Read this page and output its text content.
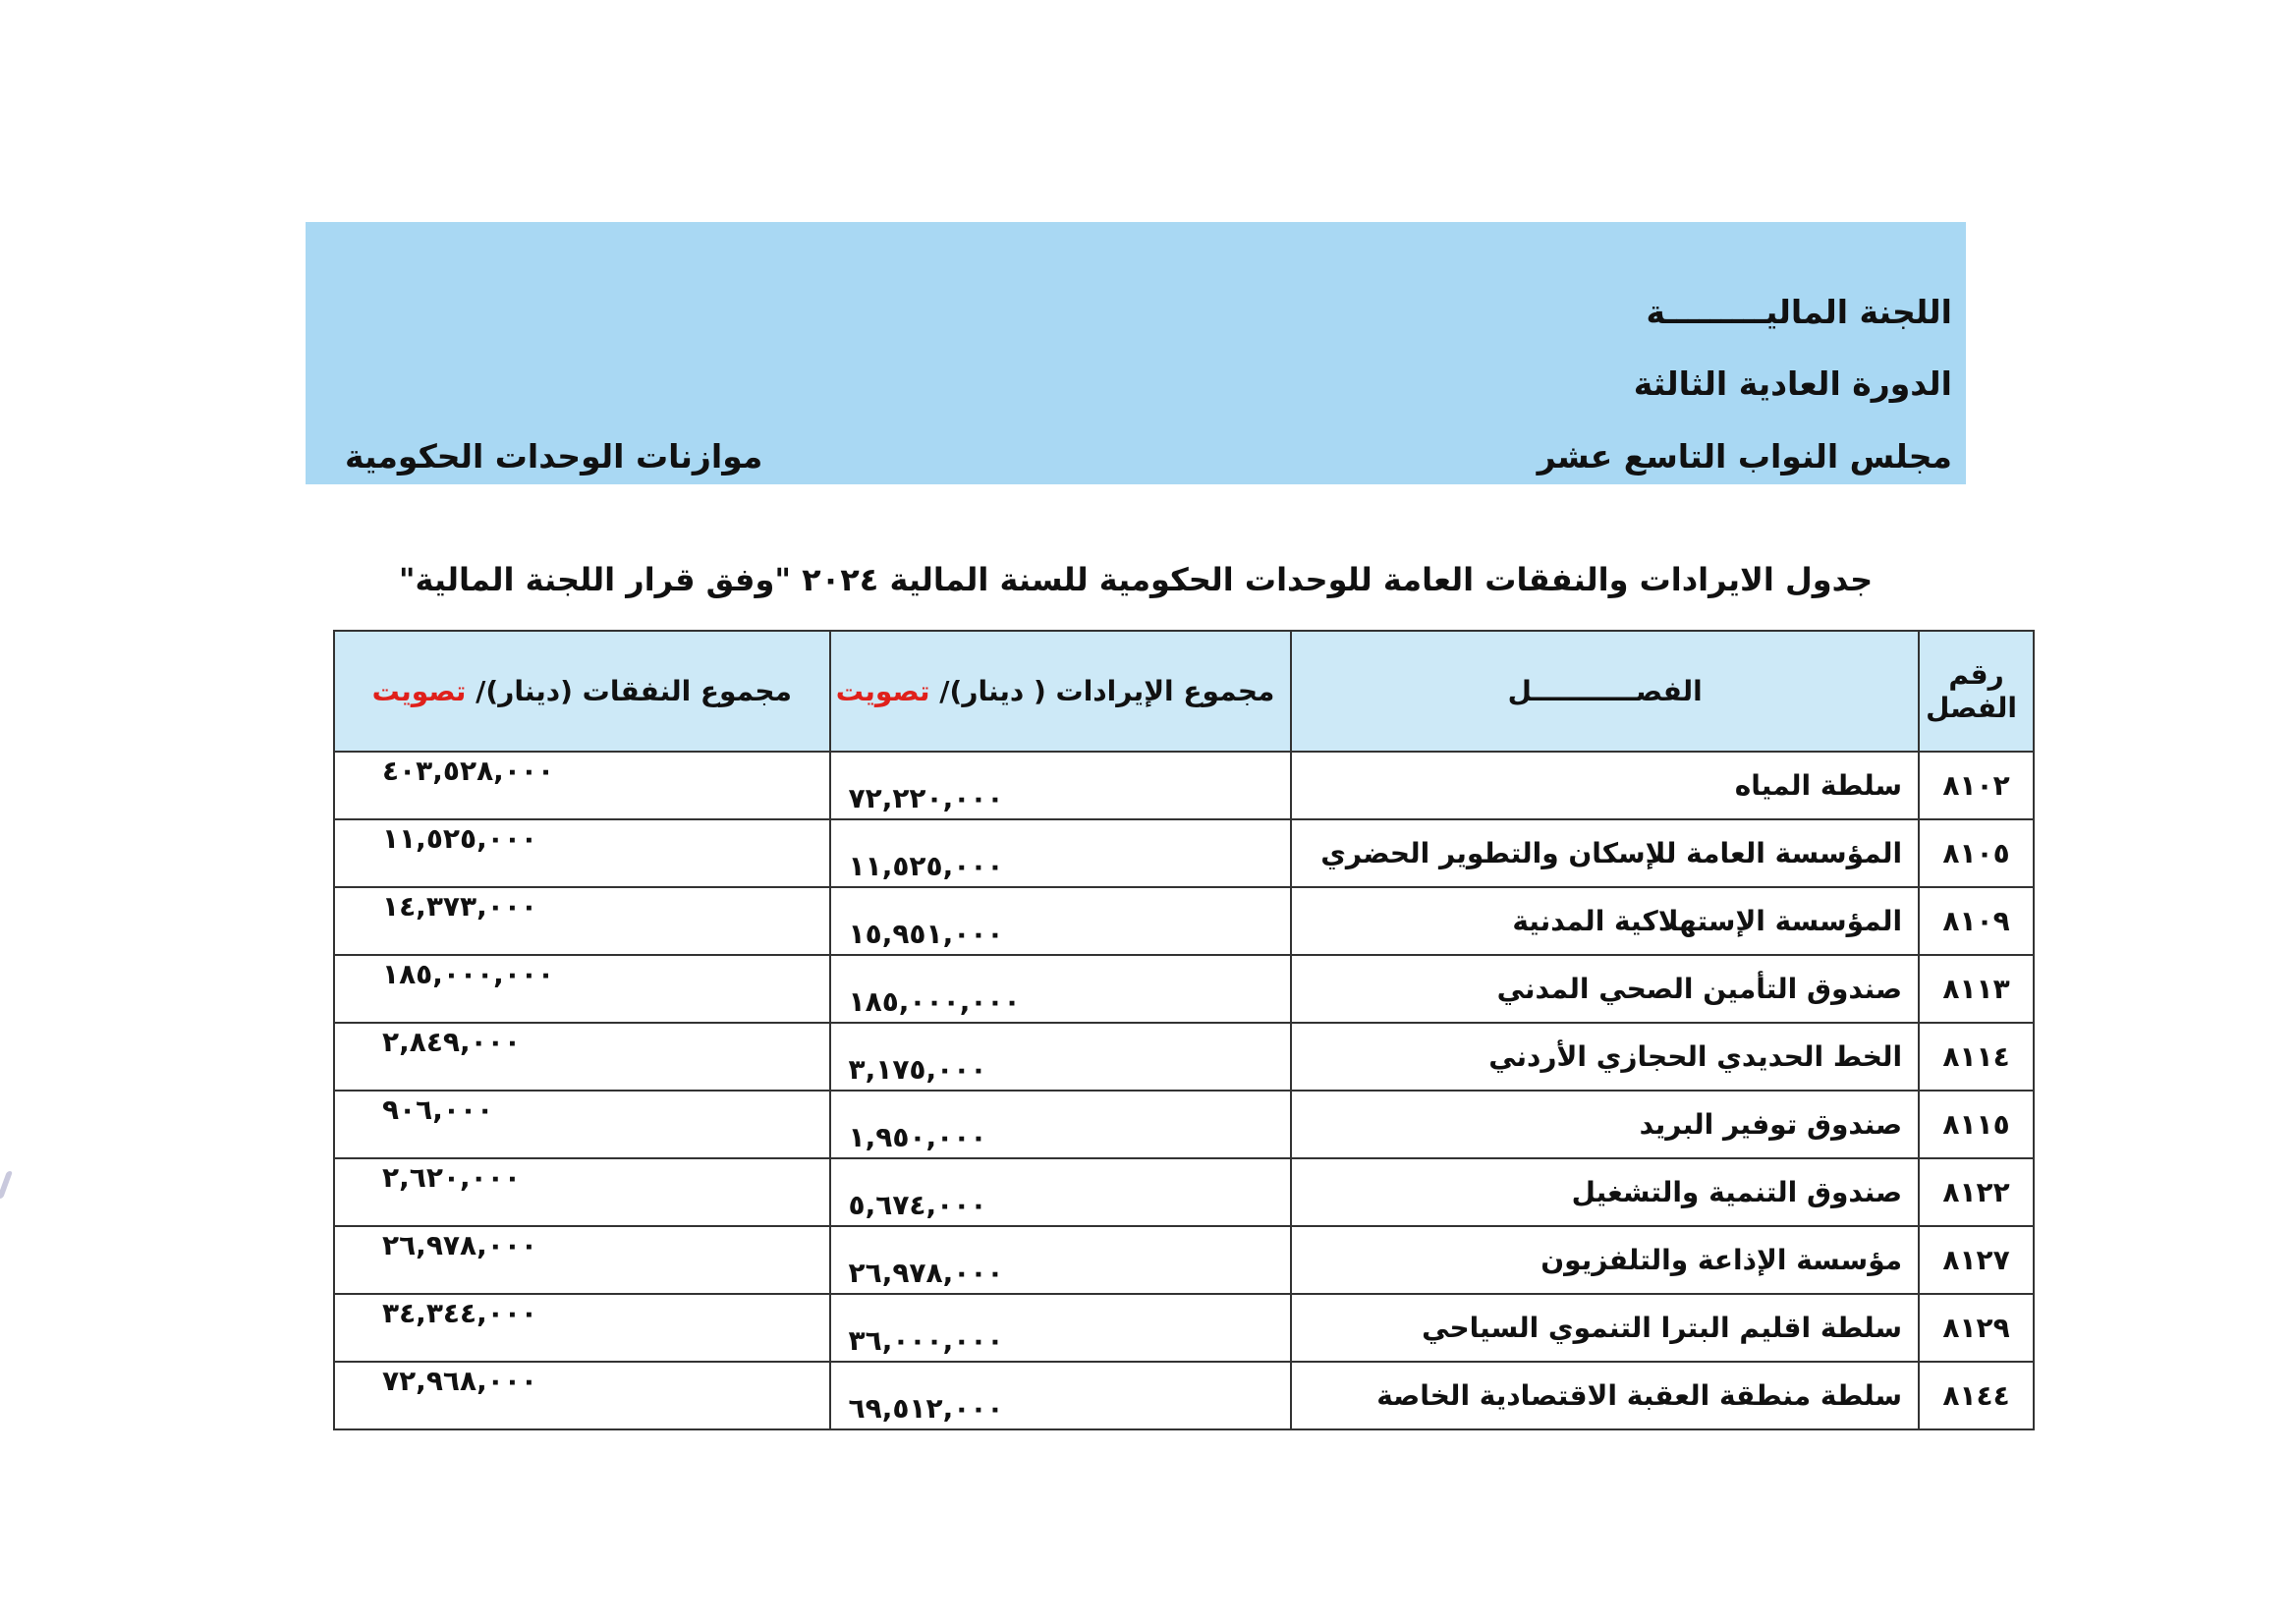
اللجنة الماليـــــــــة
الدورة العادية الثالثة
مجلس النواب التاسع عشر
موازنات الوحدات الحكومية
جدول الايرادات والنفقات العامة للوحدات الحكومية للسنة المالية ٢٠٢٤ "وفق قرار اللجنة المالية"
رقم
الفصل	الفصـــــــــــل	مجموع الإيرادات ( دينار)/ تصويت	مجموع النفقات (دينار)/ تصويت
٨١٠٢	سلطة المياه	٧٢,٢٢٠,٠٠٠	٤٠٣,٥٢٨,٠٠٠
٨١٠٥	المؤسسة العامة للإسكان والتطوير الحضري	١١,٥٢٥,٠٠٠	١١,٥٢٥,٠٠٠
٨١٠٩	المؤسسة الإستهلاكية المدنية	١٥,٩٥١,٠٠٠	١٤,٣٧٣,٠٠٠
٨١١٣	صندوق التأمين الصحي المدني	١٨٥,٠٠٠,٠٠٠	١٨٥,٠٠٠,٠٠٠
٨١١٤	الخط الحديدي الحجازي الأردني	٣,١٧٥,٠٠٠	٢,٨٤٩,٠٠٠
٨١١٥	صندوق توفير البريد	١,٩٥٠,٠٠٠	٩٠٦,٠٠٠
٨١٢٢	صندوق التنمية والتشغيل	٥,٦٧٤,٠٠٠	٢,٦٢٠,٠٠٠
٨١٢٧	مؤسسة الإذاعة والتلفزيون	٢٦,٩٧٨,٠٠٠	٢٦,٩٧٨,٠٠٠
٨١٢٩	سلطة اقليم البترا التنموي السياحي	٣٦,٠٠٠,٠٠٠	٣٤,٣٤٤,٠٠٠
٨١٤٤	سلطة منطقة العقبة الاقتصادية الخاصة	٦٩,٥١٢,٠٠٠	٧٢,٩٦٨,٠٠٠
